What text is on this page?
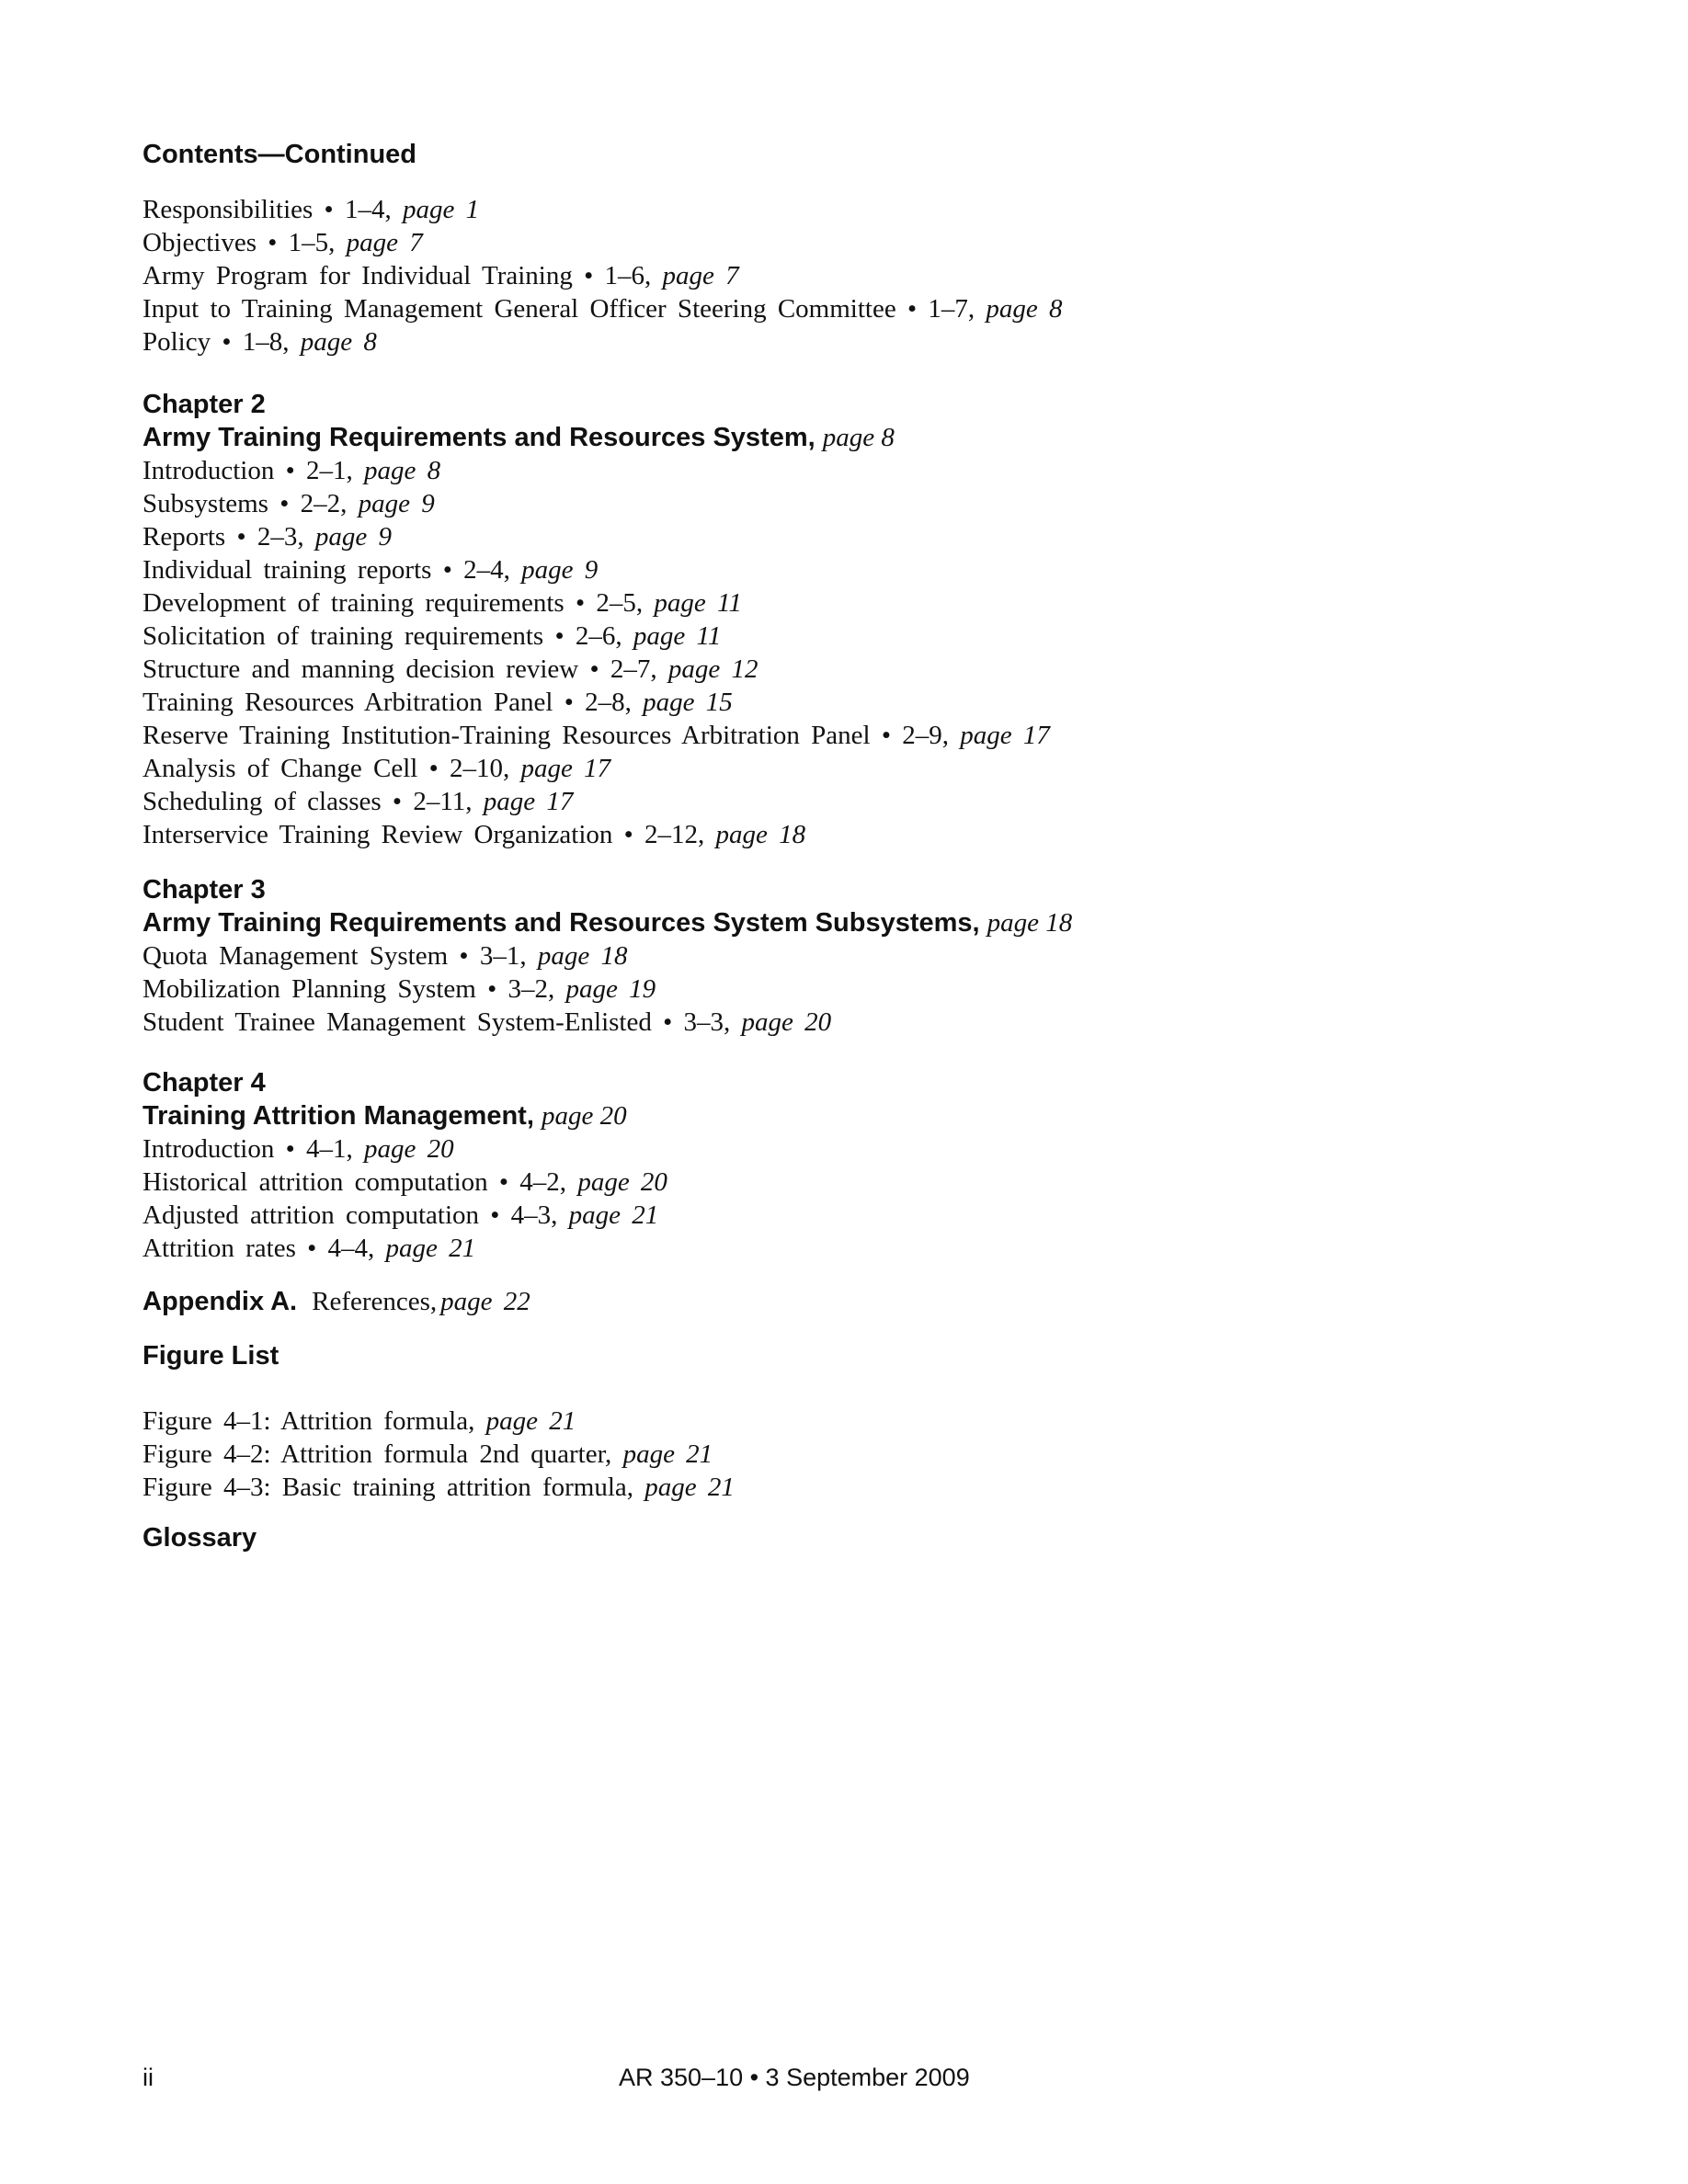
Contents—Continued
Responsibilities • 1–4, page 1
Objectives • 1–5, page 7
Army Program for Individual Training • 1–6, page 7
Input to Training Management General Officer Steering Committee • 1–7, page 8
Policy • 1–8, page 8
Chapter 2
Army Training Requirements and Resources System, page 8
Introduction • 2–1, page 8
Subsystems • 2–2, page 9
Reports • 2–3, page 9
Individual training reports • 2–4, page 9
Development of training requirements • 2–5, page 11
Solicitation of training requirements • 2–6, page 11
Structure and manning decision review • 2–7, page 12
Training Resources Arbitration Panel • 2–8, page 15
Reserve Training Institution-Training Resources Arbitration Panel • 2–9, page 17
Analysis of Change Cell • 2–10, page 17
Scheduling of classes • 2–11, page 17
Interservice Training Review Organization • 2–12, page 18
Chapter 3
Army Training Requirements and Resources System Subsystems, page 18
Quota Management System • 3–1, page 18
Mobilization Planning System • 3–2, page 19
Student Trainee Management System-Enlisted • 3–3, page 20
Chapter 4
Training Attrition Management, page 20
Introduction • 4–1, page 20
Historical attrition computation • 4–2, page 20
Adjusted attrition computation • 4–3, page 21
Attrition rates • 4–4, page 21
Appendix A. References, page 22
Figure List
Figure 4–1: Attrition formula, page 21
Figure 4–2: Attrition formula 2nd quarter, page 21
Figure 4–3: Basic training attrition formula, page 21
Glossary
ii	AR 350–10 • 3 September 2009
